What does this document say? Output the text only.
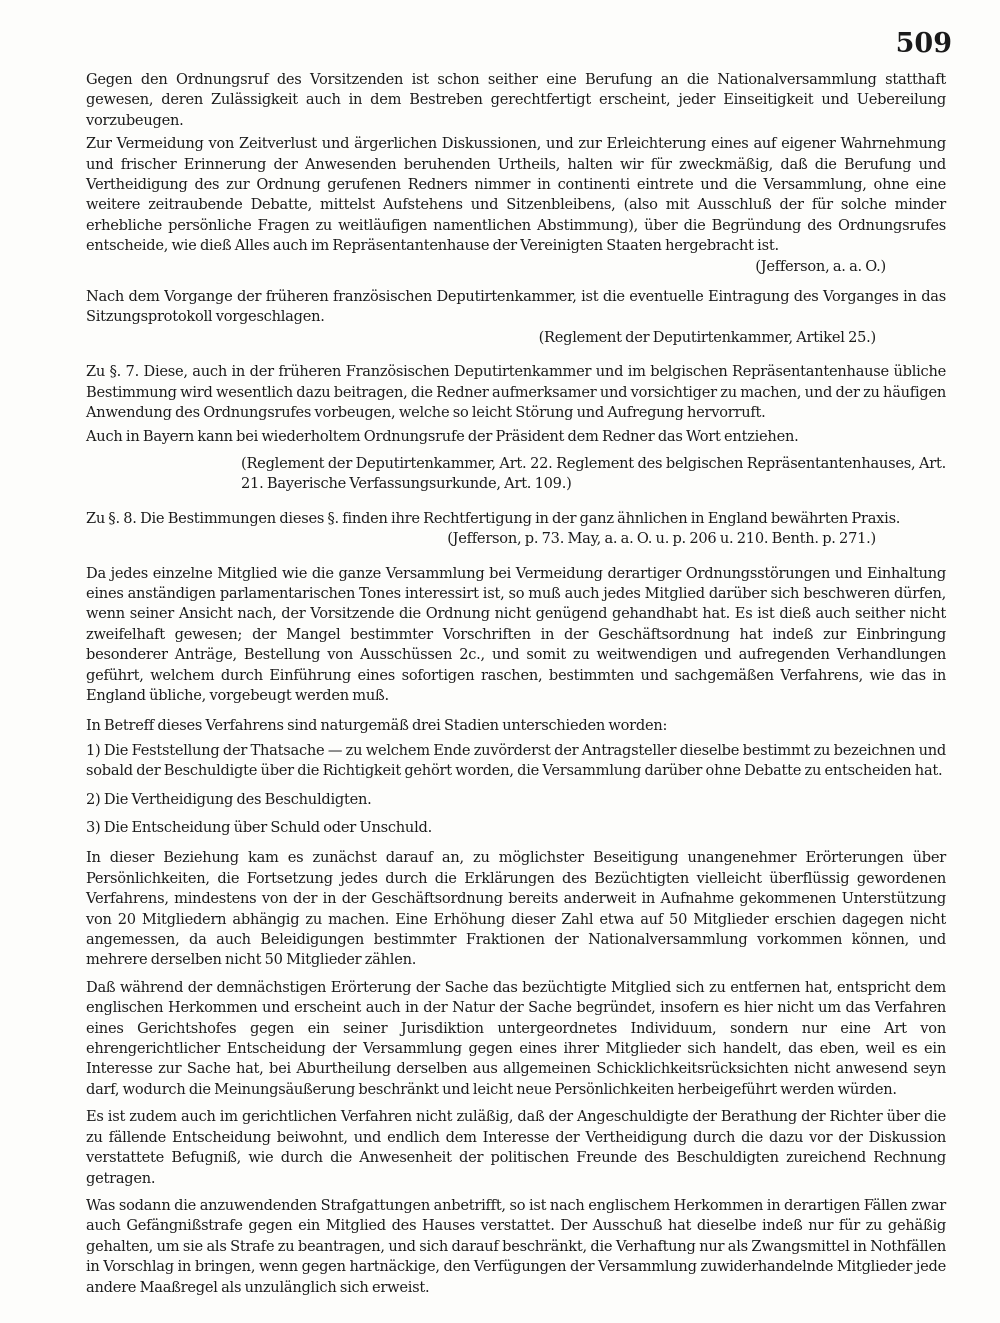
509

Gegen den Ordnungsruf des Vorsitzenden ist schon seither eine Berufung an die Nationalversammlung statthaft gewesen, deren Zulässigkeit auch in dem Bestreben gerechtfertigt erscheint, jeder Einseitigkeit und Uebereilung vorzubeugen.

Zur Vermeidung von Zeitverlust und ärgerlichen Diskussionen, und zur Erleichterung eines auf eigener Wahrnehmung und frischer Erinnerung der Anwesenden beruhenden Urtheils, halten wir für zweckmäßig, daß die Berufung und Vertheidigung des zur Ordnung gerufenen Redners nimmer in continenti eintrete und die Versammlung, ohne eine weitere zeitraubende Debatte, mittelst Aufstehens und Sitzenbleibens, (also mit Ausschluß der für solche minder erhebliche persönliche Fragen zu weitläufigen namentlichen Abstimmung), über die Begründung des Ordnungsrufes entscheide, wie dieß Alles auch im Repräsentantenhause der Vereinigten Staaten hergebracht ist.

(Jefferson, a. a. O.)

Nach dem Vorgange der früheren französischen Deputirtenkammer, ist die eventuelle Eintragung des Vorganges in das Sitzungsprotokoll vorgeschlagen.

(Reglement der Deputirtenkammer, Artikel 25.)

Zu §. 7. Diese, auch in der früheren Französischen Deputirtenkammer und im belgischen Repräsentantenhause übliche Bestimmung wird wesentlich dazu beitragen, die Redner aufmerksamer und vorsichtiger zu machen, und der zu häufigen Anwendung des Ordnungsrufes vorbeugen, welche so leicht Störung und Aufregung hervorruft.

Auch in Bayern kann bei wiederholtem Ordnungsrufe der Präsident dem Redner das Wort entziehen.

(Reglement der Deputirtenkammer, Art. 22. Reglement des belgischen Repräsentantenhauses, Art. 21. Bayerische Verfassungsurkunde, Art. 109.)

Zu §. 8. Die Bestimmungen dieses §. finden ihre Rechtfertigung in der ganz ähnlichen in England bewährten Praxis.

(Jefferson, p. 73. May, a. a. O. u. p. 206 u. 210. Benth. p. 271.)

Da jedes einzelne Mitglied wie die ganze Versammlung bei Vermeidung derartiger Ordnungsstörungen und Einhaltung eines anständigen parlamentarischen Tones interessirt ist, so muß auch jedes Mitglied darüber sich beschweren dürfen, wenn seiner Ansicht nach, der Vorsitzende die Ordnung nicht genügend gehandhabt hat. Es ist dieß auch seither nicht zweifelhaft gewesen; der Mangel bestimmter Vorschriften in der Geschäftsordnung hat indeß zur Einbringung besonderer Anträge, Bestellung von Ausschüssen 2c., und somit zu weitwendigen und aufregenden Verhandlungen geführt, welchem durch Einführung eines sofortigen raschen, bestimmten und sachgemäßen Verfahrens, wie das in England übliche, vorgebeugt werden muß.

In Betreff dieses Verfahrens sind naturgemäß drei Stadien unterschieden worden:

1) Die Feststellung der Thatsache — zu welchem Ende zuvörderst der Antragsteller dieselbe bestimmt zu bezeichnen und sobald der Beschuldigte über die Richtigkeit gehört worden, die Versammlung darüber ohne Debatte zu entscheiden hat.

2) Die Vertheidigung des Beschuldigten.

3) Die Entscheidung über Schuld oder Unschuld.

In dieser Beziehung kam es zunächst darauf an, zu möglichster Beseitigung unangenehmer Erörterungen über Persönlichkeiten, die Fortsetzung jedes durch die Erklärungen des Bezüchtigten vielleicht überflüssig gewordenen Verfahrens, mindestens von der in der Geschäftsordnung bereits anderweit in Aufnahme gekommenen Unterstützung von 20 Mitgliedern abhängig zu machen. Eine Erhöhung dieser Zahl etwa auf 50 Mitglieder erschien dagegen nicht angemessen, da auch Beleidigungen bestimmter Fraktionen der Nationalversammlung vorkommen können, und mehrere derselben nicht 50 Mitglieder zählen.

Daß während der demnächstigen Erörterung der Sache das bezüchtigte Mitglied sich zu entfernen hat, entspricht dem englischen Herkommen und erscheint auch in der Natur der Sache begründet, insofern es hier nicht um das Verfahren eines Gerichtshofes gegen ein seiner Jurisdiktion untergeordnetes Individuum, sondern nur eine Art von ehrengerichtlicher Entscheidung der Versammlung gegen eines ihrer Mitglieder sich handelt, das eben, weil es ein Interesse zur Sache hat, bei Aburtheilung derselben aus allgemeinen Schicklichkeitsrücksichten nicht anwesend seyn darf, wodurch die Meinungsäußerung beschränkt und leicht neue Persönlichkeiten herbeigeführt werden würden.

Es ist zudem auch im gerichtlichen Verfahren nicht zuläßig, daß der Angeschuldigte der Berathung der Richter über die zu fällende Entscheidung beiwohnt, und endlich dem Interesse der Vertheidigung durch die dazu vor der Diskussion verstattete Befugniß, wie durch die Anwesenheit der politischen Freunde des Beschuldigten zureichend Rechnung getragen.

Was sodann die anzuwendenden Strafgattungen anbetrifft, so ist nach englischem Herkommen in derartigen Fällen zwar auch Gefängnißstrafe gegen ein Mitglied des Hauses verstattet. Der Ausschuß hat dieselbe indeß nur für zu gehäßig gehalten, um sie als Strafe zu beantragen, und sich darauf beschränkt, die Verhaftung nur als Zwangsmittel in Nothfällen in Vorschlag in bringen, wenn gegen hartnäckige, den Verfügungen der Versammlung zuwiderhandelnde Mitglieder jede andere Maaßregel als unzulänglich sich erweist.
